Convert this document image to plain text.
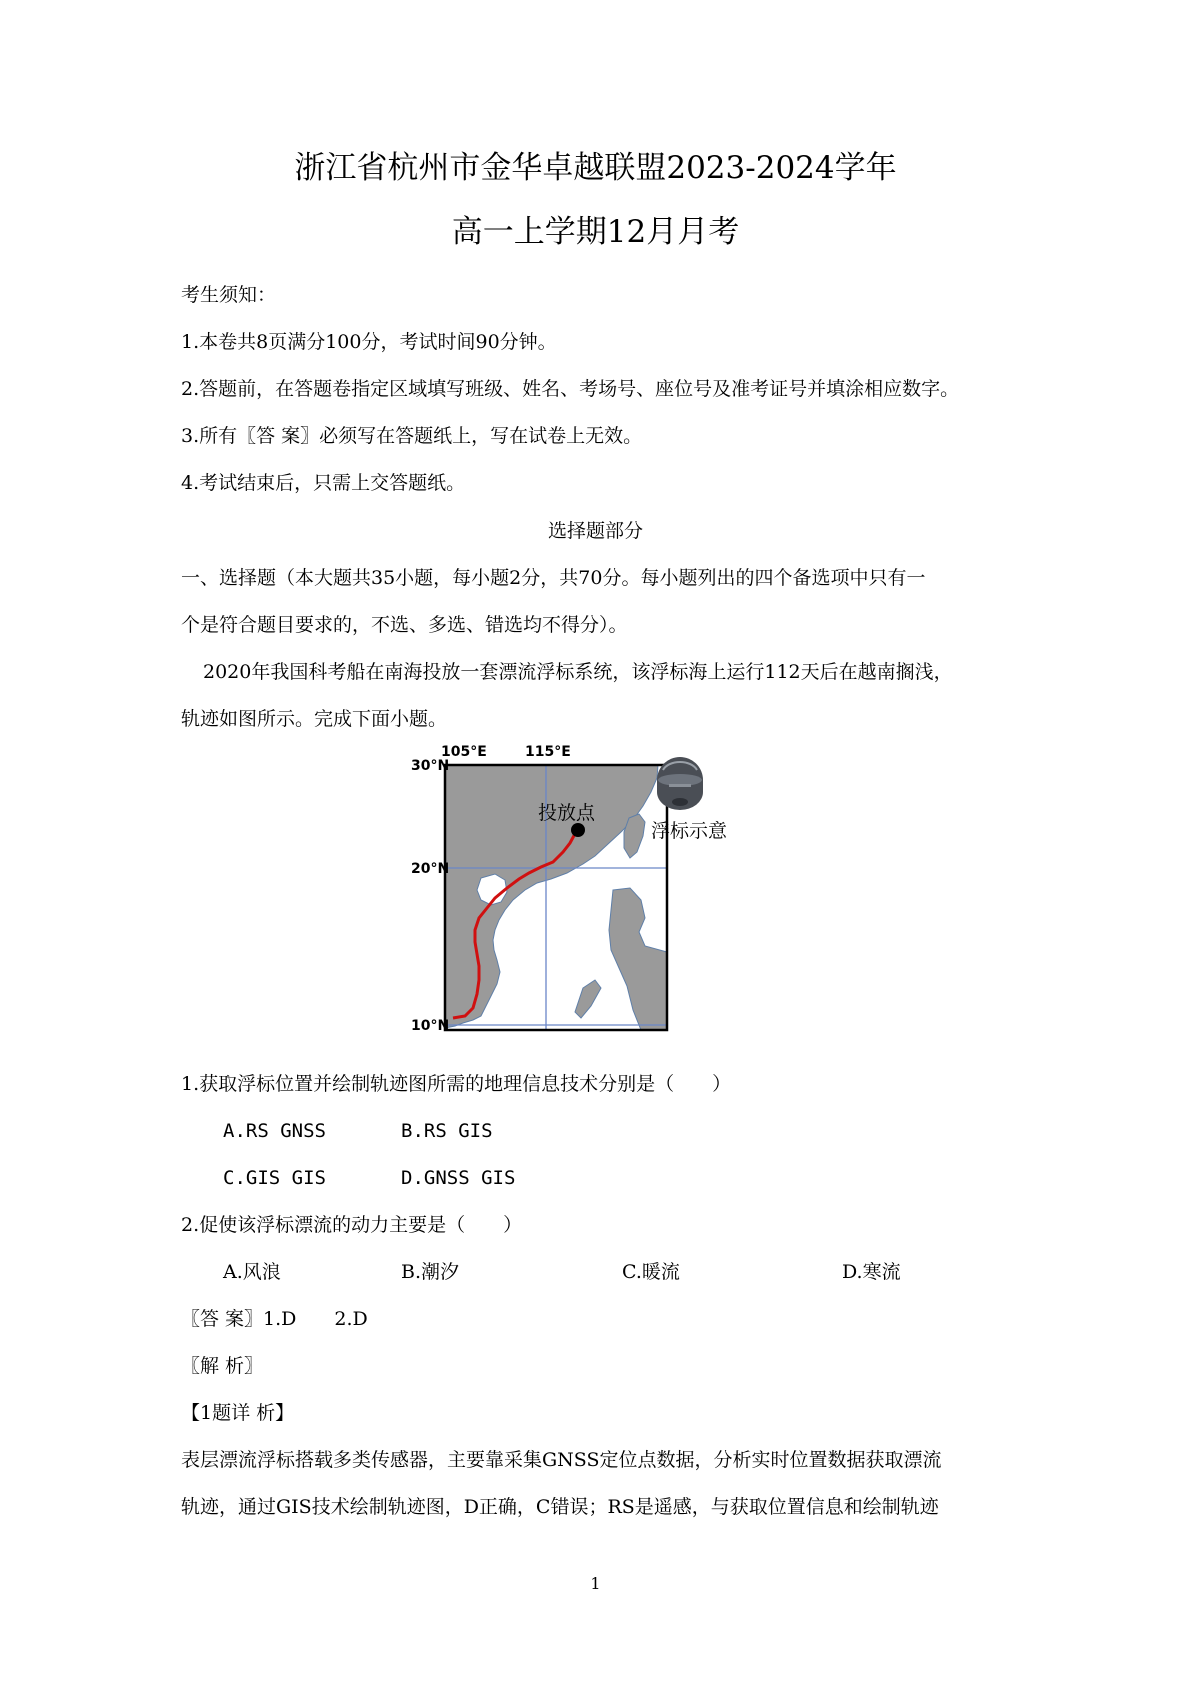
浙江省杭州市金华卓越联盟2023-2024学年
高一上学期12月月考
考生须知：
1.本卷共8页满分100分，考试时间90分钟。
2.答题前，在答题卷指定区域填写班级、姓名、考场号、座位号及准考证号并填涂相应数字。
3.所有〖答 案〗必须写在答题纸上，写在试卷上无效。
4.考试结束后，只需上交答题纸。
选择题部分
一、选择题（本大题共35小题，每小题2分，共70分。每小题列出的四个备选项中只有一
个是符合题目要求的，不选、多选、错选均不得分）。
2020年我国科考船在南海投放一套漂流浮标系统，该浮标海上运行112天后在越南搁浅，
轨迹如图所示。完成下面小题。
30°N
20°N
10°N
105°E	115°E
投放点
浮标示意
1.获取浮标位置并绘制轨迹图所需的地理信息技术分别是（　　）
A.RS GNSS	B.RS GIS
C.GIS GIS	D.GNSS GIS
2.促使该浮标漂流的动力主要是（　　）
A.风浪	B.潮汐	C.暖流	D.寒流
〖答 案〗1.D　　2.D
〖解 析〗
【1题详 析】
表层漂流浮标搭载多类传感器，主要靠采集GNSS定位点数据，分析实时位置数据获取漂流
轨迹，通过GIS技术绘制轨迹图，D正确，C错误；RS是遥感，与获取位置信息和绘制轨迹
1
